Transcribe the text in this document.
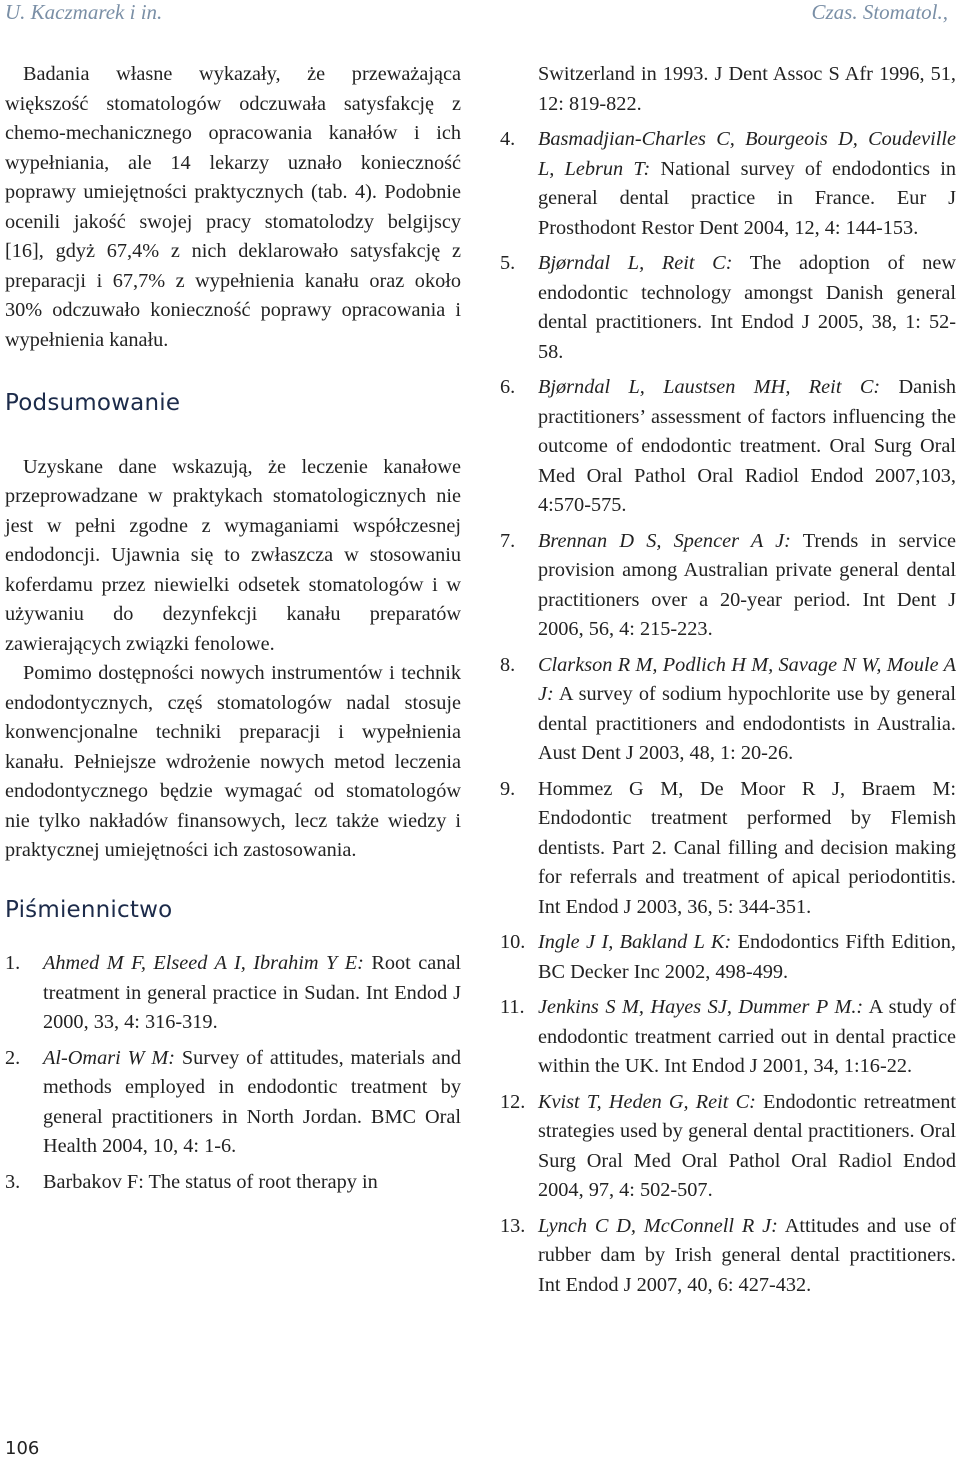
U. Kaczmarek i in.	Czas. Stomatol.,

Badania własne wykazały, że przeważająca większość stomatologów odczuwała satysfakcję z chemo-mechanicznego opracowania kanałów i ich wypełniania, ale 14 lekarzy uznało konieczność poprawy umiejętności praktycznych (tab. 4). Podobnie ocenili jakość swojej pracy stomatolodzy belgijscy [16], gdyż 67,4% z nich deklarowało satysfakcję z preparacji i 67,7% z wypełnienia kanału oraz około 30% odczuwało konieczność poprawy opracowania i wypełnienia kanału.

Podsumowanie

Uzyskane dane wskazują, że leczenie kanałowe przeprowadzane w praktykach stomatologicznych nie jest w pełni zgodne z wymaganiami współczesnej endodoncji. Ujawnia się to zwłaszcza w stosowaniu koferdamu przez niewielki odsetek stomatologów i w używaniu do dezynfekcji kanału preparatów zawierających związki fenolowe.

Pomimo dostępności nowych instrumentów i technik endodontycznych, częś stomatologów nadal stosuje konwencjonalne techniki preparacji i wypełnienia kanału. Pełniejsze wdrożenie nowych metod leczenia endodontycznego będzie wymagać od stomatologów nie tylko nakładów finansowych, lecz także wiedzy i praktycznej umiejętności ich zastosowania.

Piśmiennictwo
1.	Ahmed M F, Elseed A I, Ibrahim Y E: Root canal treatment in general practice in Sudan. Int Endod J 2000, 33, 4: 316-319.
2.	Al-Omari W M: Survey of attitudes, materials and methods employed in endodontic treatment by general practitioners in North Jordan. BMC Oral Health 2004, 10, 4: 1-6.
3.	Barbakov F: The status of root therapy in
Switzerland in 1993. J Dent Assoc S Afr 1996, 51, 12: 819-822.
4.	Basmadjian-Charles C, Bourgeois D, Coudeville L, Lebrun T: National survey of endodontics in general dental practice in France. Eur J Prosthodont Restor Dent 2004, 12, 4: 144-153.
5.	Bjørndal L, Reit C: The adoption of new endodontic technology amongst Danish general dental practitioners. Int Endod J 2005, 38, 1: 52-58.
6.	Bjørndal L, Laustsen MH, Reit C: Danish practitioners’ assessment of factors influencing the outcome of endodontic treatment. Oral Surg Oral Med Oral Pathol Oral Radiol Endod 2007,103, 4:570-575.
7.	Brennan D S, Spencer A J: Trends in service provision among Australian private general dental practitioners over a 20-year period. Int Dent J 2006, 56, 4: 215-223.
8.	Clarkson R M, Podlich H M, Savage N W, Moule A J: A survey of sodium hypochlorite use by general dental practitioners and endodontists in Australia. Aust Dent J 2003, 48, 1: 20-26.
9.	Hommez G M, De Moor R J, Braem M: Endodontic treatment performed by Flemish dentists. Part 2. Canal filling and decision making for referrals and treatment of apical periodontitis. Int Endod J 2003, 36, 5: 344-351.
10. Ingle J I, Bakland L K: Endodontics Fifth Edition, BC Decker Inc 2002, 498-499.
11. Jenkins S M, Hayes SJ, Dummer P M.: A study of endodontic treatment carried out in dental practice within the UK. Int Endod J 2001, 34, 1:16-22.
12. Kvist T, Heden G, Reit C: Endodontic retreatment strategies used by general dental practitioners. Oral Surg Oral Med Oral Pathol Oral Radiol Endod 2004, 97, 4: 502-507.
13. Lynch C D, McConnell R J: Attitudes and use of rubber dam by Irish general dental practitioners. Int Endod J 2007, 40, 6: 427-432.
106
